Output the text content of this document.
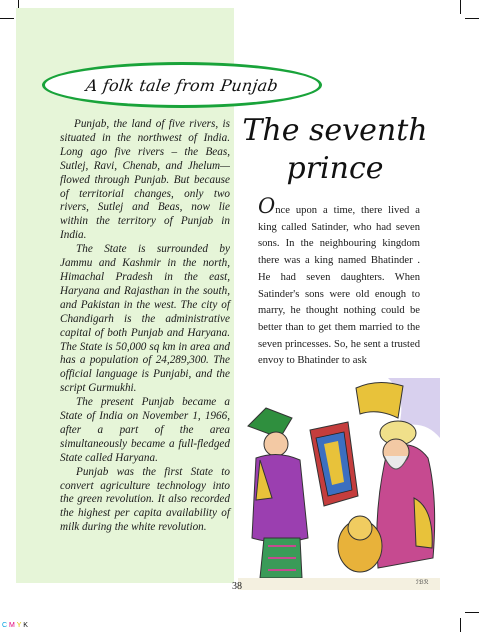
A folk tale from Punjab

Punjab, the land of five rivers, is situated in the northwest of India. Long ago five rivers – the Beas, Sutlej, Ravi, Chenab, and Jhelum—flowed through Punjab. But because of territorial changes, only two rivers, Sutlej and Beas, now lie within the territory of Punjab in India.

The State is surrounded by Jammu and Kashmir in the north, Himachal Pradesh in the east, Haryana and Rajasthan in the south, and Pakistan in the west. The city of Chandigarh is the administrative capital of both Punjab and Haryana. The State is 50,000 sq km in area and has a population of 24,289,300. The official language is Punjabi, and the script Gurmukhi.

The present Punjab became a State of India on November 1, 1966, after a part of the area simultaneously became a full-fledged State called Haryana.

Punjab was the first State to convert agriculture technology into the green revolution. It also recorded the highest per capita availability of milk during the white revolution.

The seventh
prince

Once upon a time, there lived a king called Satinder, who had seven sons. In the neighbouring kingdom there was a king named Bhatinder . He had seven daughters. When Satinder's sons were old enough to marry, he thought nothing could be better than to get them married to the seven princesses. So, he sent a trusted envoy to Bhatinder to ask

ℐℬℛ
38
C M Y K
